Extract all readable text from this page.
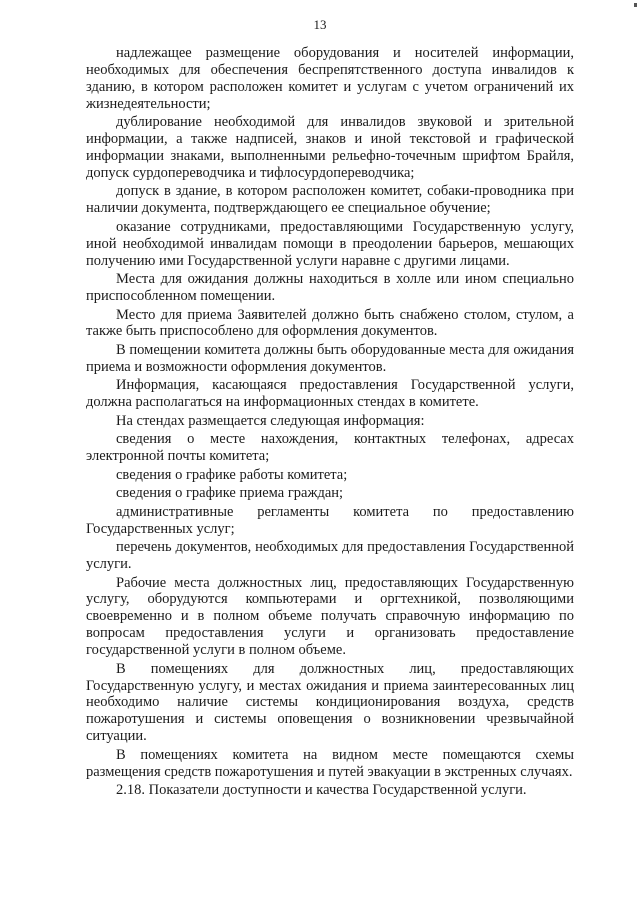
13

надлежащее размещение оборудования и носителей информации, необходимых для обеспечения беспрепятственного доступа инвалидов к зданию, в котором расположен комитет и услугам с учетом ограничений их жизнедеятельности;

дублирование необходимой для инвалидов звуковой и зрительной информации, а также надписей, знаков и иной текстовой и графической информации знаками, выполненными рельефно-точечным шрифтом Брайля, допуск сурдопереводчика и тифлосурдопереводчика;

допуск в здание, в котором расположен комитет, собаки-проводника при наличии документа, подтверждающего ее специальное обучение;

оказание сотрудниками, предоставляющими Государственную услугу, иной необходимой инвалидам помощи в преодолении барьеров, мешающих получению ими Государственной услуги наравне с другими лицами.

Места для ожидания должны находиться в холле или ином специально приспособленном помещении.

Место для приема Заявителей должно быть снабжено столом, стулом, а также быть приспособлено для оформления документов.

В помещении комитета должны быть оборудованные места для ожидания приема и возможности оформления документов.

Информация, касающаяся предоставления Государственной услуги, должна располагаться на информационных стендах в комитете.

На стендах размещается следующая информация:

сведения о месте нахождения, контактных телефонах, адресах электронной почты комитета;

сведения о графике работы комитета;

сведения о графике приема граждан;

административные регламенты комитета по предоставлению Государственных услуг;

перечень документов, необходимых для предоставления Государственной услуги.

Рабочие места должностных лиц, предоставляющих Государственную услугу, оборудуются компьютерами и оргтехникой, позволяющими своевременно и в полном объеме получать справочную информацию по вопросам предоставления услуги и организовать предоставление государственной услуги в полном объеме.

В помещениях для должностных лиц, предоставляющих Государственную услугу, и местах ожидания и приема заинтересованных лиц необходимо наличие системы кондиционирования воздуха, средств пожаротушения и системы оповещения о возникновении чрезвычайной ситуации.

В помещениях комитета на видном месте помещаются схемы размещения средств пожаротушения и путей эвакуации в экстренных случаях.

2.18. Показатели доступности и качества Государственной услуги.
